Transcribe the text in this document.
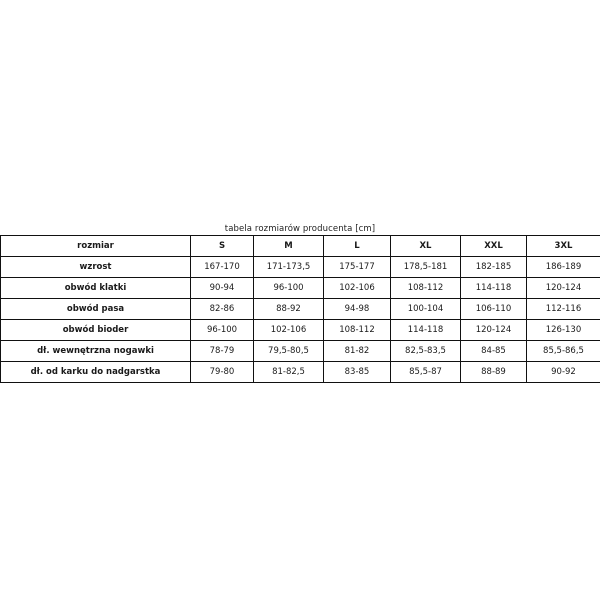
tabela rozmiarów producenta [cm]
rozmiar	S	M	L	XL	XXL	3XL
wzrost	167-170	171-173,5	175-177	178,5-181	182-185	186-189
obwód klatki	90-94	96-100	102-106	108-112	114-118	120-124
obwód pasa	82-86	88-92	94-98	100-104	106-110	112-116
obwód bioder	96-100	102-106	108-112	114-118	120-124	126-130
dł. wewnętrzna nogawki	78-79	79,5-80,5	81-82	82,5-83,5	84-85	85,5-86,5
dł. od karku do nadgarstka	79-80	81-82,5	83-85	85,5-87	88-89	90-92
